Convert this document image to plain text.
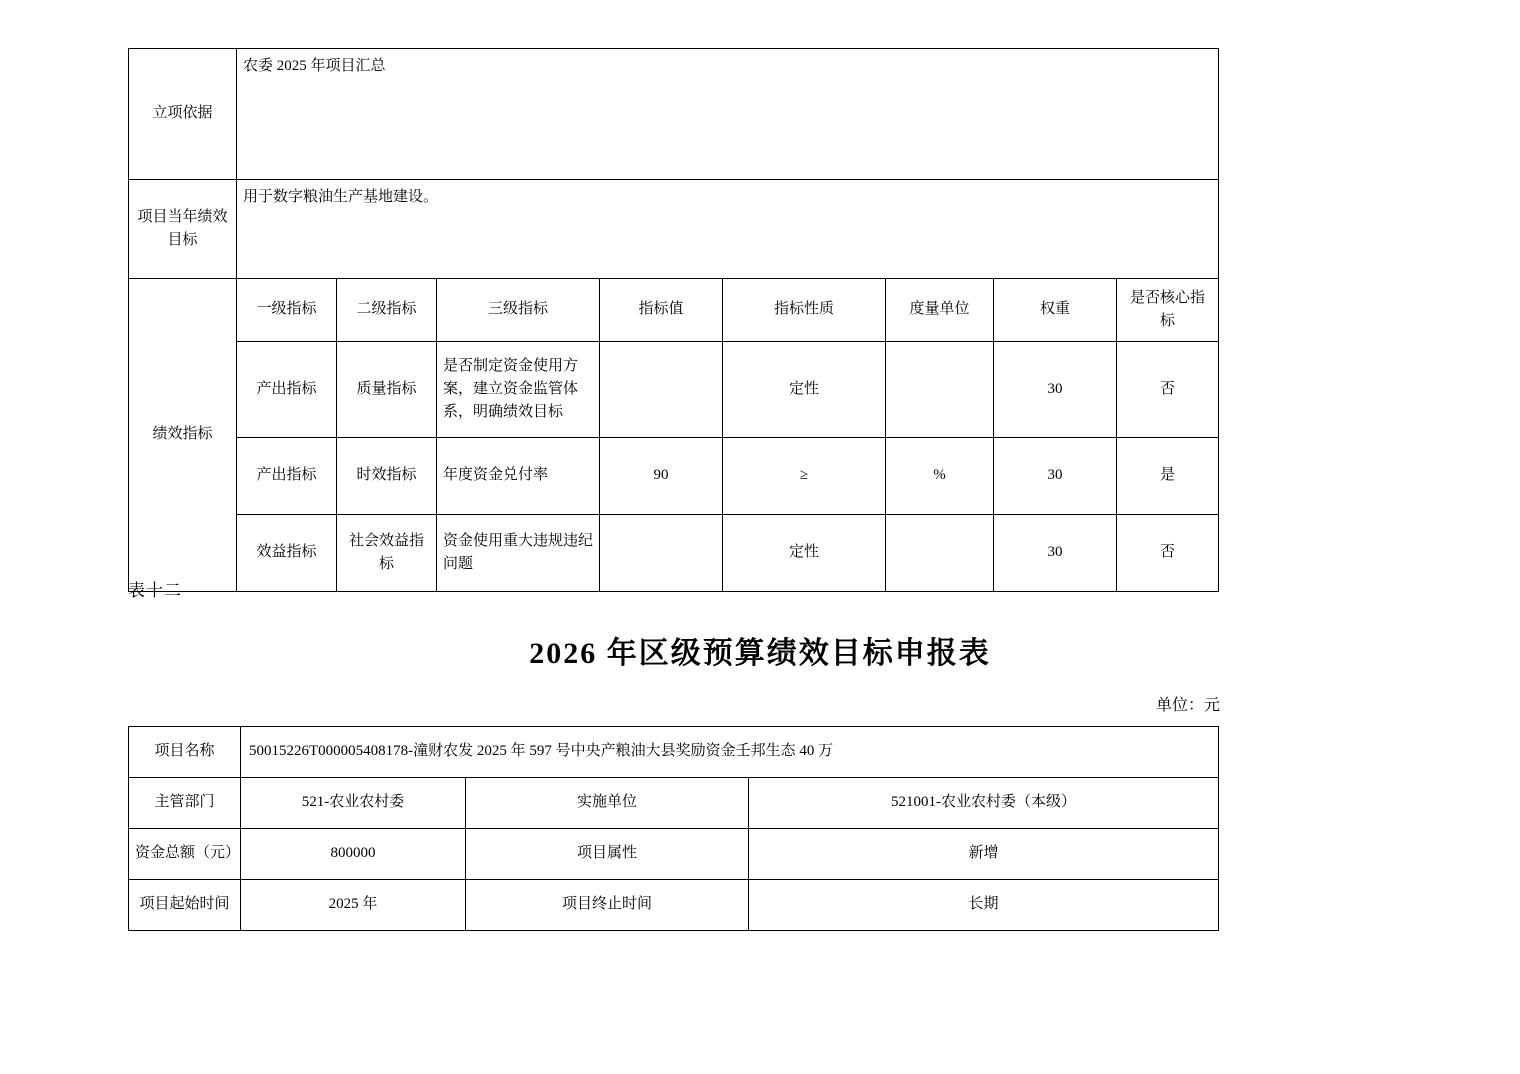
立项依据	农委 2025 年项目汇总							
项目当年绩效目标	用于数字粮油生产基地建设。							
绩效指标	一级指标	二级指标	三级指标	指标值	指标性质	度量单位	权重	是否核心指标
	产出指标	质量指标	是否制定资金使用方案，建立资金监管体系，明确绩效目标		定性		30	否
	产出指标	时效指标	年度资金兑付率	90	≥	%	30	是
	效益指标	社会效益指标	资金使用重大违规违纪问题		定性		30	否
表十二
2026 年区级预算绩效目标申报表
单位：元
项目名称	50015226T000005408178-潼财农发 2025 年 597 号中央产粮油大县奖励资金壬邦生态 40 万		
主管部门	521-农业农村委	实施单位	521001-农业农村委（本级）
资金总额（元）	800000	项目属性	新增
项目起始时间	2025 年	项目终止时间	长期
